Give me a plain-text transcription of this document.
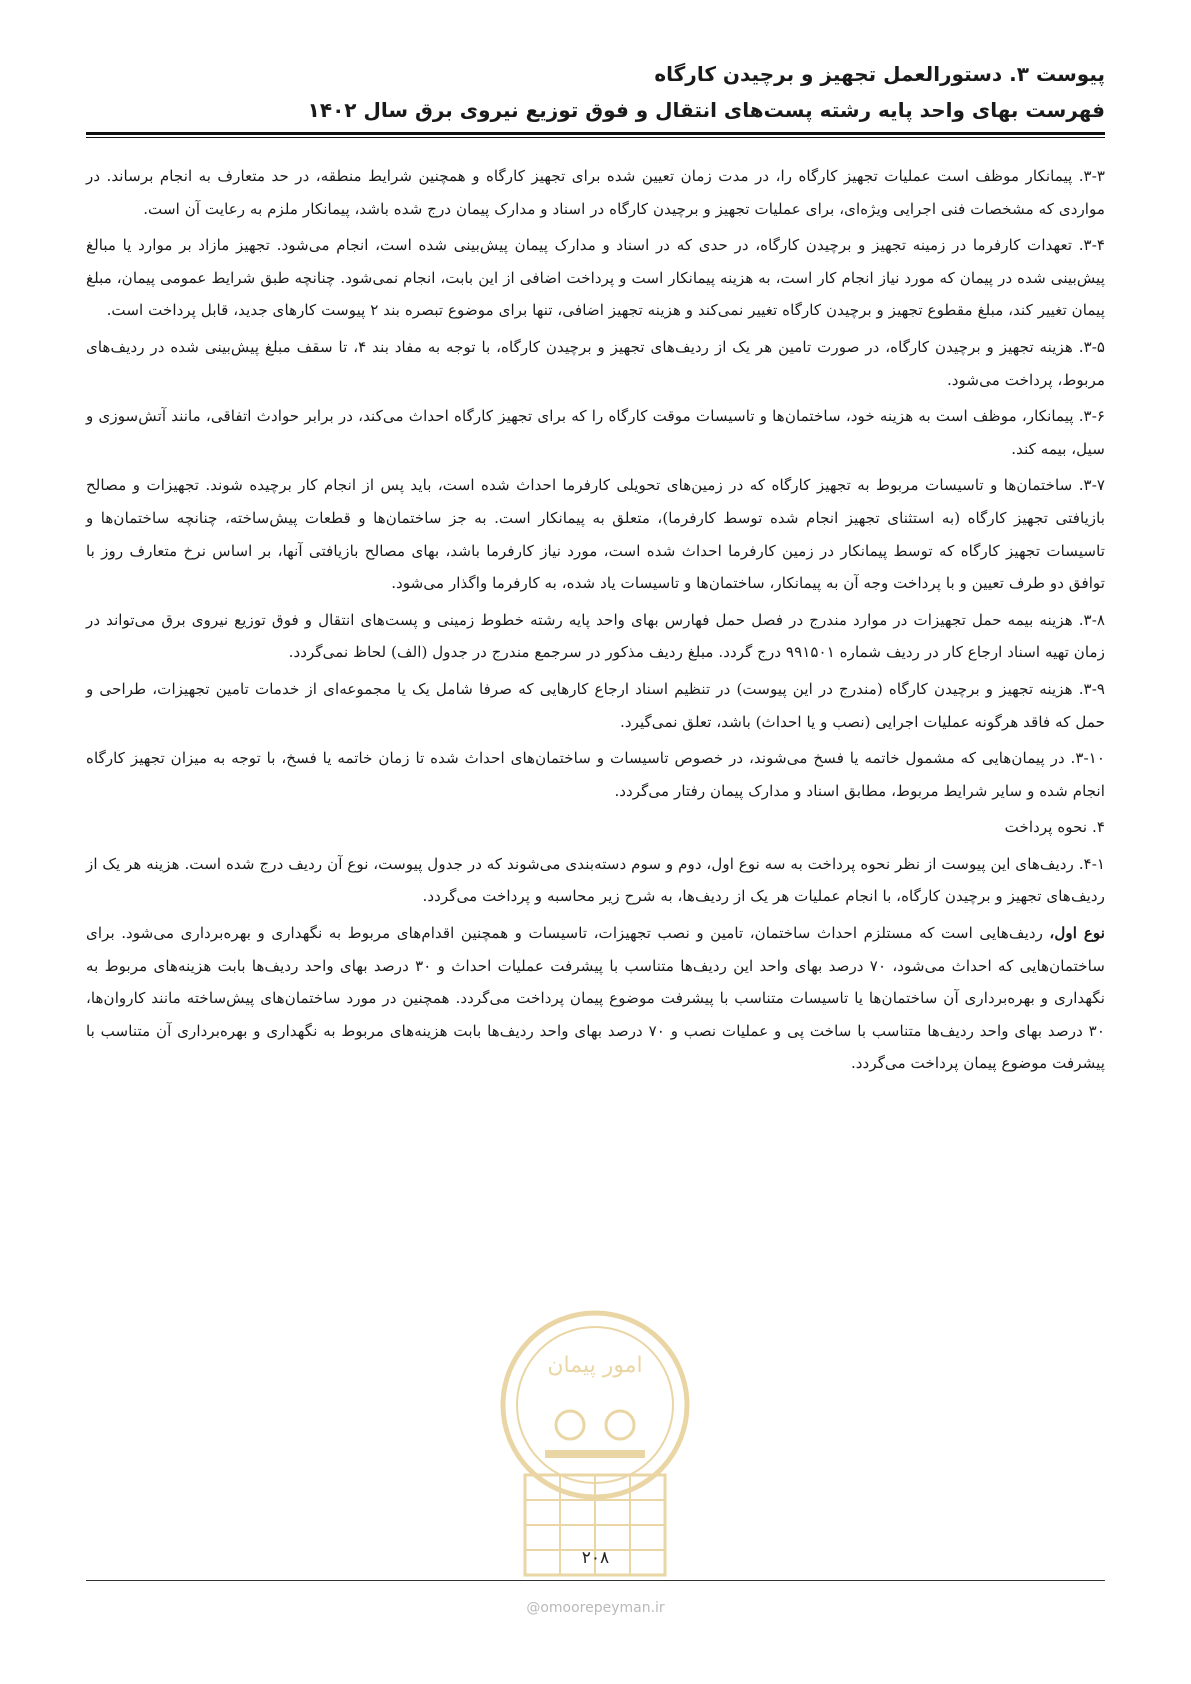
پیوست ۳. دستورالعمل تجهیز و برچیدن کارگاه
فهرست بهای واحد پایه رشته پست‌های انتقال و فوق توزیع نیروی برق سال ۱۴۰۲

۳-۳. پیمانکار موظف است عملیات تجهیز کارگاه را، در مدت زمان تعیین شده برای تجهیز کارگاه و همچنین شرایط منطقه، در حد متعارف به انجام برساند. در مواردی که مشخصات فنی اجرایی ویژه‌ای، برای عملیات تجهیز و برچیدن کارگاه در اسناد و مدارک پیمان درج شده باشد، پیمانکار ملزم به رعایت آن است.

۳-۴. تعهدات کارفرما در زمینه تجهیز و برچیدن کارگاه، در حدی که در اسناد و مدارک پیمان پیش‌بینی شده است، انجام می‌شود. تجهیز مازاد بر موارد یا مبالغ پیش‌بینی شده در پیمان که مورد نیاز انجام کار است، به هزینه پیمانکار است و پرداخت اضافی از این بابت، انجام نمی‌شود. چنانچه طبق شرایط عمومی پیمان، مبلغ پیمان تغییر کند، مبلغ مقطوع تجهیز و برچیدن کارگاه تغییر نمی‌کند و هزینه تجهیز اضافی، تنها برای موضوع تبصره بند ۲ پیوست کارهای جدید، قابل پرداخت است.

۳-۵. هزینه تجهیز و برچیدن کارگاه، در صورت تامین هر یک از ردیف‌های تجهیز و برچیدن کارگاه، با توجه به مفاد بند ۴، تا سقف مبلغ پیش‌بینی شده در ردیف‌های مربوط، پرداخت می‌شود.

۳-۶. پیمانکار، موظف است به هزینه خود، ساختمان‌ها و تاسیسات موقت کارگاه را که برای تجهیز کارگاه احداث می‌کند، در برابر حوادث اتفاقی، مانند آتش‌سوزی و سیل، بیمه کند.

۳-۷. ساختمان‌ها و تاسیسات مربوط به تجهیز کارگاه که در زمین‌های تحویلی کارفرما احداث شده است، باید پس از انجام کار برچیده شوند. تجهیزات و مصالح بازیافتی تجهیز کارگاه (به استثنای تجهیز انجام شده توسط کارفرما)، متعلق به پیمانکار است. به جز ساختمان‌ها و قطعات پیش‌ساخته، چنانچه ساختمان‌ها و تاسیسات تجهیز کارگاه که توسط پیمانکار در زمین کارفرما احداث شده است، مورد نیاز کارفرما باشد، بهای مصالح بازیافتی آنها، بر اساس نرخ متعارف روز با توافق دو طرف تعیین و با پرداخت وجه آن به پیمانکار، ساختمان‌ها و تاسیسات یاد شده، به کارفرما واگذار می‌شود.

۳-۸. هزینه بیمه حمل تجهیزات در موارد مندرج در فصل حمل فهارس بهای واحد پایه رشته خطوط زمینی و پست‌های انتقال و فوق توزیع نیروی برق می‌تواند در زمان تهیه اسناد ارجاع کار در ردیف شماره ۹۹۱۵۰۱ درج گردد. مبلغ ردیف مذکور در سرجمع مندرج در جدول (الف) لحاظ نمی‌گردد.

۳-۹. هزینه تجهیز و برچیدن کارگاه (مندرج در این پیوست) در تنظیم اسناد ارجاع کارهایی که صرفا شامل یک یا مجموعه‌ای از خدمات تامین تجهیزات، طراحی و حمل که فاقد هرگونه عملیات اجرایی (نصب و یا احداث) باشد، تعلق نمی‌گیرد.

۳-۱۰. در پیمان‌هایی که مشمول خاتمه یا فسخ می‌شوند، در خصوص تاسیسات و ساختمان‌های احداث شده تا زمان خاتمه یا فسخ، با توجه به میزان تجهیز کارگاه انجام شده و سایر شرایط مربوط، مطابق اسناد و مدارک پیمان رفتار می‌گردد.

۴. نحوه پرداخت

۴-۱. ردیف‌های این پیوست از نظر نحوه پرداخت به سه نوع اول، دوم و سوم دسته‌بندی می‌شوند که در جدول پیوست، نوع آن ردیف درج شده است. هزینه هر یک از ردیف‌های تجهیز و برچیدن کارگاه، با انجام عملیات هر یک از ردیف‌ها، به شرح زیر محاسبه و پرداخت می‌گردد.

نوع اول، ردیف‌هایی است که مستلزم احداث ساختمان، تامین و نصب تجهیزات، تاسیسات و همچنین اقدام‌های مربوط به نگهداری و بهره‌برداری می‌شود. برای ساختمان‌هایی که احداث می‌شود، ۷۰ درصد بهای واحد این ردیف‌ها متناسب با پیشرفت عملیات احداث و ۳۰ درصد بهای واحد ردیف‌ها بابت هزینه‌های مربوط به نگهداری و بهره‌برداری آن ساختمان‌ها یا تاسیسات متناسب با پیشرفت موضوع پیمان پرداخت می‌گردد. همچنین در مورد ساختمان‌های پیش‌ساخته مانند کاروان‌ها، ۳۰ درصد بهای واحد ردیف‌ها متناسب با ساخت پی و عملیات نصب و ۷۰ درصد بهای واحد ردیف‌ها بابت هزینه‌های مربوط به نگهداری و بهره‌برداری آن متناسب با پیشرفت موضوع پیمان پرداخت می‌گردد.

امور پیمان
۲۰۸
@omoorepeyman.ir
